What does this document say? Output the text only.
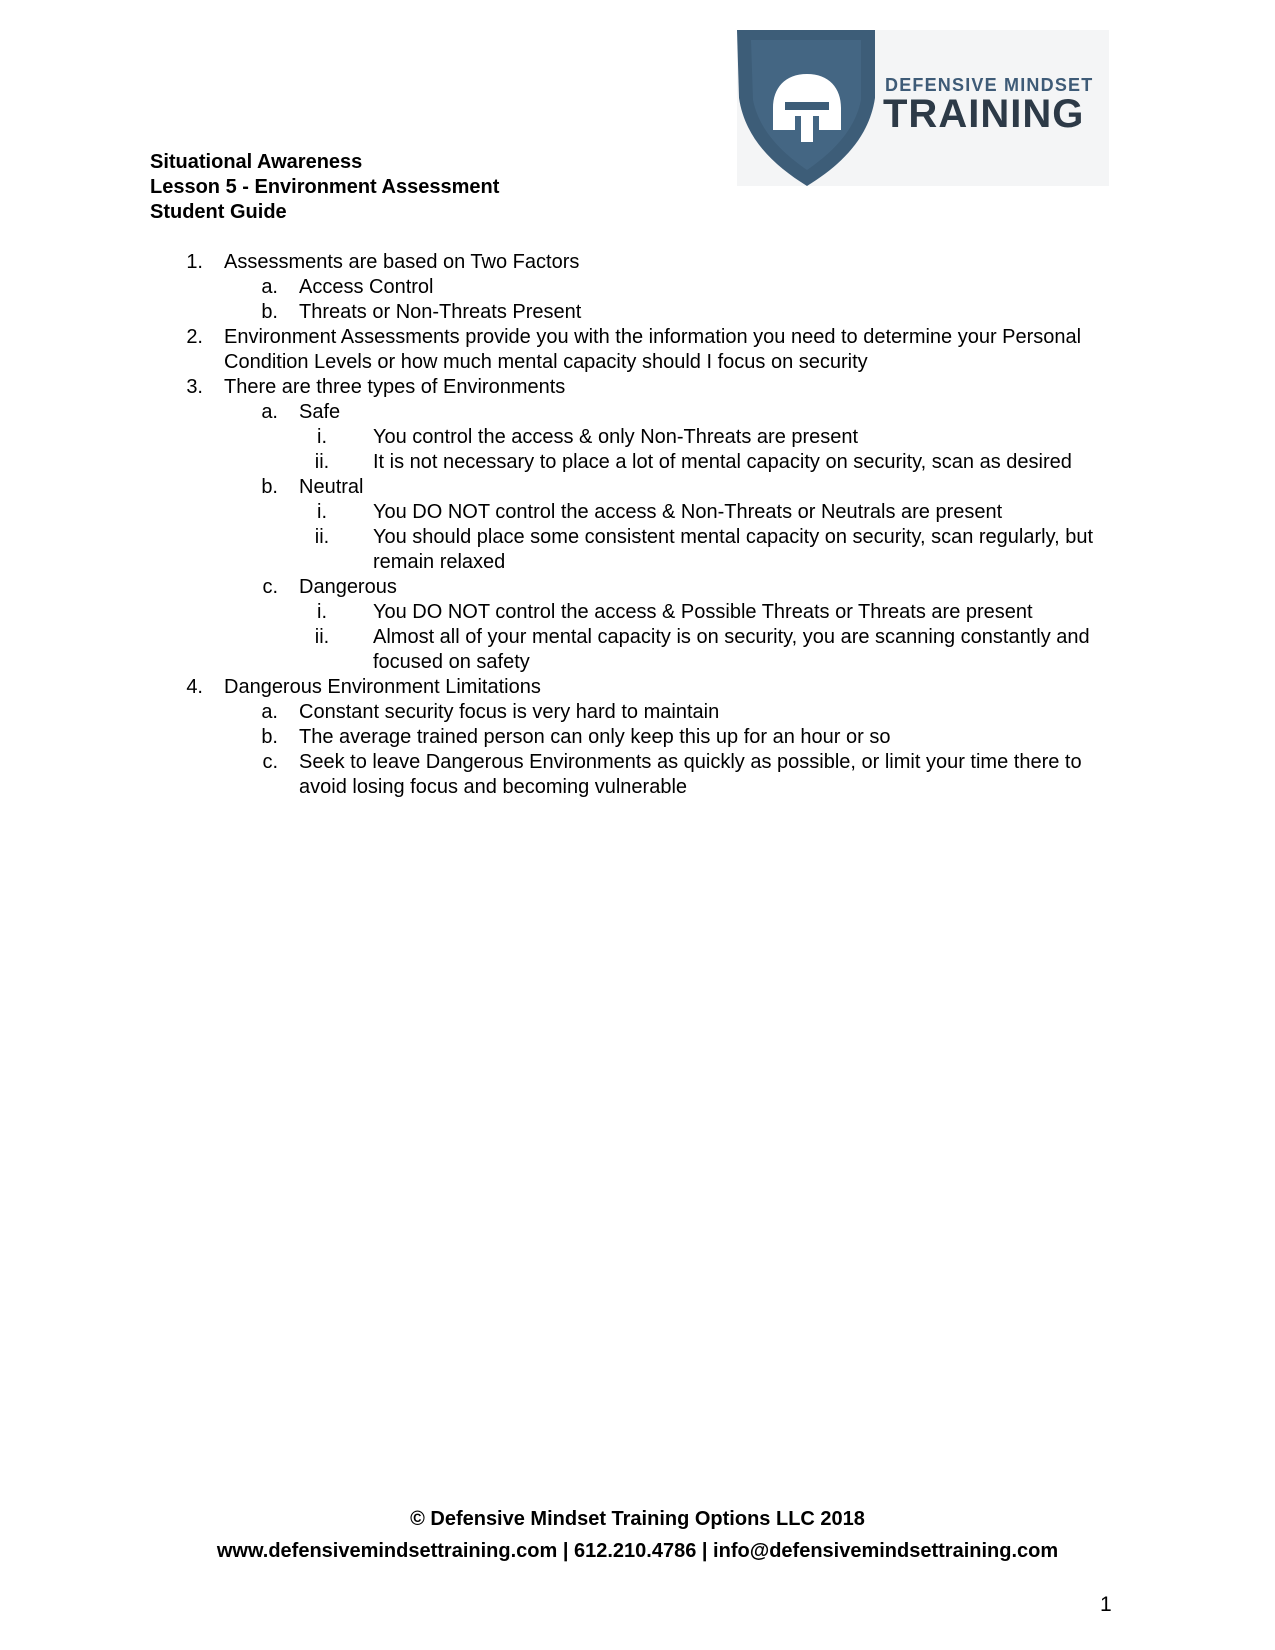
DEFENSIVE MINDSET
TRAINING
Situational Awareness
Lesson 5 - Environment Assessment
Student Guide
1. Assessments are based on Two Factors
a. Access Control
b. Threats or Non-Threats Present
2. Environment Assessments provide you with the information you need to determine your Personal Condition Levels or how much mental capacity should I focus on security
3. There are three types of Environments
a. Safe
i.	You control the access & only Non-Threats are present
ii.	It is not necessary to place a lot of mental capacity on security, scan as desired
b. Neutral
i.	You DO NOT control the access & Non-Threats or Neutrals are present
ii.	You should place some consistent mental capacity on security, scan regularly, but remain relaxed
c. Dangerous
i.	You DO NOT control the access & Possible Threats or Threats are present
ii.	Almost all of your mental capacity is on security, you are scanning constantly and focused on safety
4. Dangerous Environment Limitations
a. Constant security focus is very hard to maintain
b. The average trained person can only keep this up for an hour or so
c. Seek to leave Dangerous Environments as quickly as possible, or limit your time there to avoid losing focus and becoming vulnerable
© Defensive Mindset Training Options LLC 2018
www.defensivemindsettraining.com | 612.210.4786 | info@defensivemindsettraining.com
1
